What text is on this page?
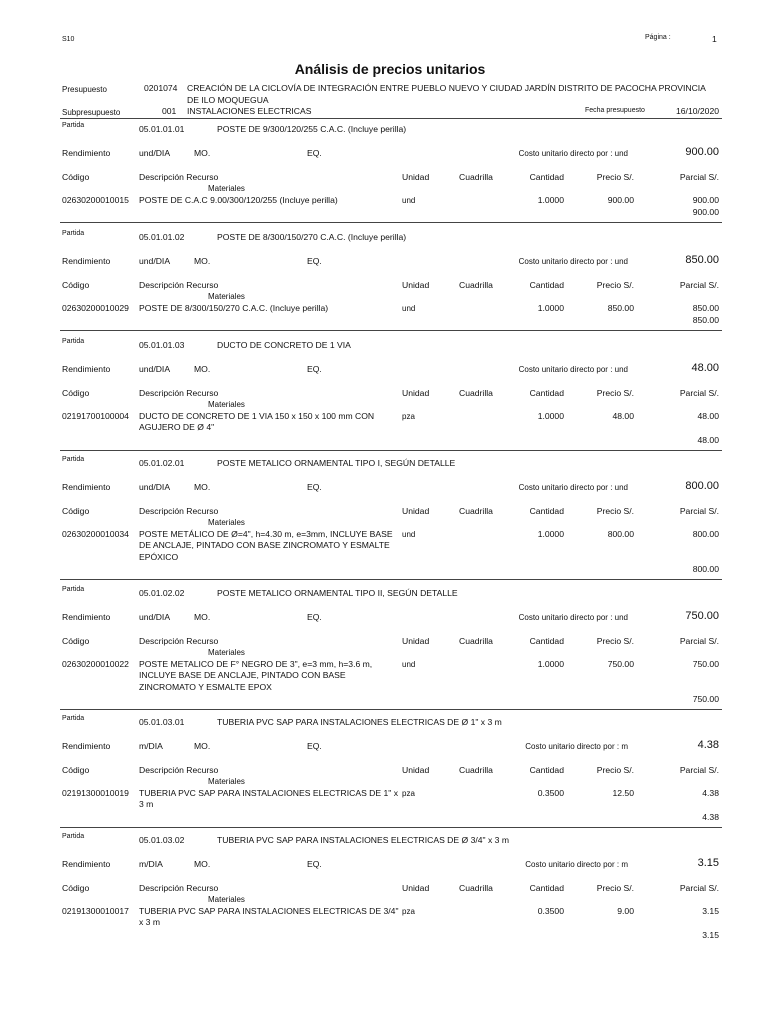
S10	Página :	1
Análisis de precios unitarios
Presupuesto	0201074 CREACIÓN DE LA CICLOVÍA DE INTEGRACIÓN ENTRE PUEBLO NUEVO Y CIUDAD JARDÍN DISTRITO DE PACOCHA PROVINCIA
DE ILO MOQUEGUA
Subpresupuesto	001 INSTALACIONES ELECTRICAS	Fecha presupuesto	16/10/2020
Partida	05.01.01.01	POSTE DE 9/300/120/255 C.A.C. (Incluye perilla)
Rendimiento	und/DIA	MO.	EQ.	Costo unitario directo por : und	900.00
Código	Descripción Recurso	Unidad	Cuadrilla	Cantidad	Precio S/.	Parcial S/.
Materiales
02630200010015 POSTE DE C.A.C 9.00/300/120/255 (Incluye perilla)	und	1.0000	900.00	900.00
900.00
Partida	05.01.01.02	POSTE DE 8/300/150/270 C.A.C. (Incluye perilla)
Rendimiento	und/DIA	MO.	EQ.	Costo unitario directo por : und	850.00
Código	Descripción Recurso	Unidad	Cuadrilla	Cantidad	Precio S/.	Parcial S/.
Materiales
02630200010029 POSTE DE 8/300/150/270 C.A.C. (Incluye perilla)	und	1.0000	850.00	850.00
850.00
Partida	05.01.01.03	DUCTO DE CONCRETO DE 1 VIA
Rendimiento	und/DIA	MO.	EQ.	Costo unitario directo por : und	48.00
Código	Descripción Recurso	Unidad	Cuadrilla	Cantidad	Precio S/.	Parcial S/.
Materiales
02191700100004 DUCTO DE CONCRETO DE 1 VIA 150 x 150 x 100 mm CON
AGUJERO DE Ø 4"
pza	1.0000	48.00	48.00
48.00
Partida	05.01.02.01	POSTE METALICO ORNAMENTAL TIPO I, SEGÚN DETALLE
Rendimiento	und/DIA	MO.	EQ.	Costo unitario directo por : und	800.00
Código	Descripción Recurso	Unidad	Cuadrilla	Cantidad	Precio S/.	Parcial S/.
Materiales
02630200010034 POSTE METÁLICO DE Ø=4", h=4.30 m, e=3mm, INCLUYE BASE
DE ANCLAJE, PINTADO CON BASE ZINCROMATO Y ESMALTE
EPÓXICO
und	1.0000	800.00	800.00
800.00
Partida	05.01.02.02	POSTE METALICO ORNAMENTAL TIPO II, SEGÚN DETALLE
Rendimiento	und/DIA	MO.	EQ.	Costo unitario directo por : und	750.00
Código	Descripción Recurso	Unidad	Cuadrilla	Cantidad	Precio S/.	Parcial S/.
Materiales
02630200010022 POSTE METALICO DE F° NEGRO DE 3", e=3 mm, h=3.6 m,
INCLUYE BASE DE ANCLAJE, PINTADO CON BASE
ZINCROMATO Y ESMALTE EPOX
und	1.0000	750.00	750.00
750.00
Partida	05.01.03.01	TUBERIA PVC SAP PARA INSTALACIONES ELECTRICAS DE Ø 1" x 3 m
Rendimiento	m/DIA	MO.	EQ.	Costo unitario directo por : m	4.38
Código	Descripción Recurso	Unidad	Cuadrilla	Cantidad	Precio S/.	Parcial S/.
Materiales
02191300010019 TUBERIA PVC SAP PARA INSTALACIONES ELECTRICAS DE 1" x
3 m
pza	0.3500	12.50	4.38
4.38
Partida	05.01.03.02	TUBERIA PVC SAP PARA INSTALACIONES ELECTRICAS DE Ø 3/4" x 3 m
Rendimiento	m/DIA	MO.	EQ.	Costo unitario directo por : m	3.15
Código	Descripción Recurso	Unidad	Cuadrilla	Cantidad	Precio S/.	Parcial S/.
Materiales
02191300010017 TUBERIA PVC SAP PARA INSTALACIONES ELECTRICAS DE 3/4"
x 3 m
pza	0.3500	9.00	3.15
3.15
